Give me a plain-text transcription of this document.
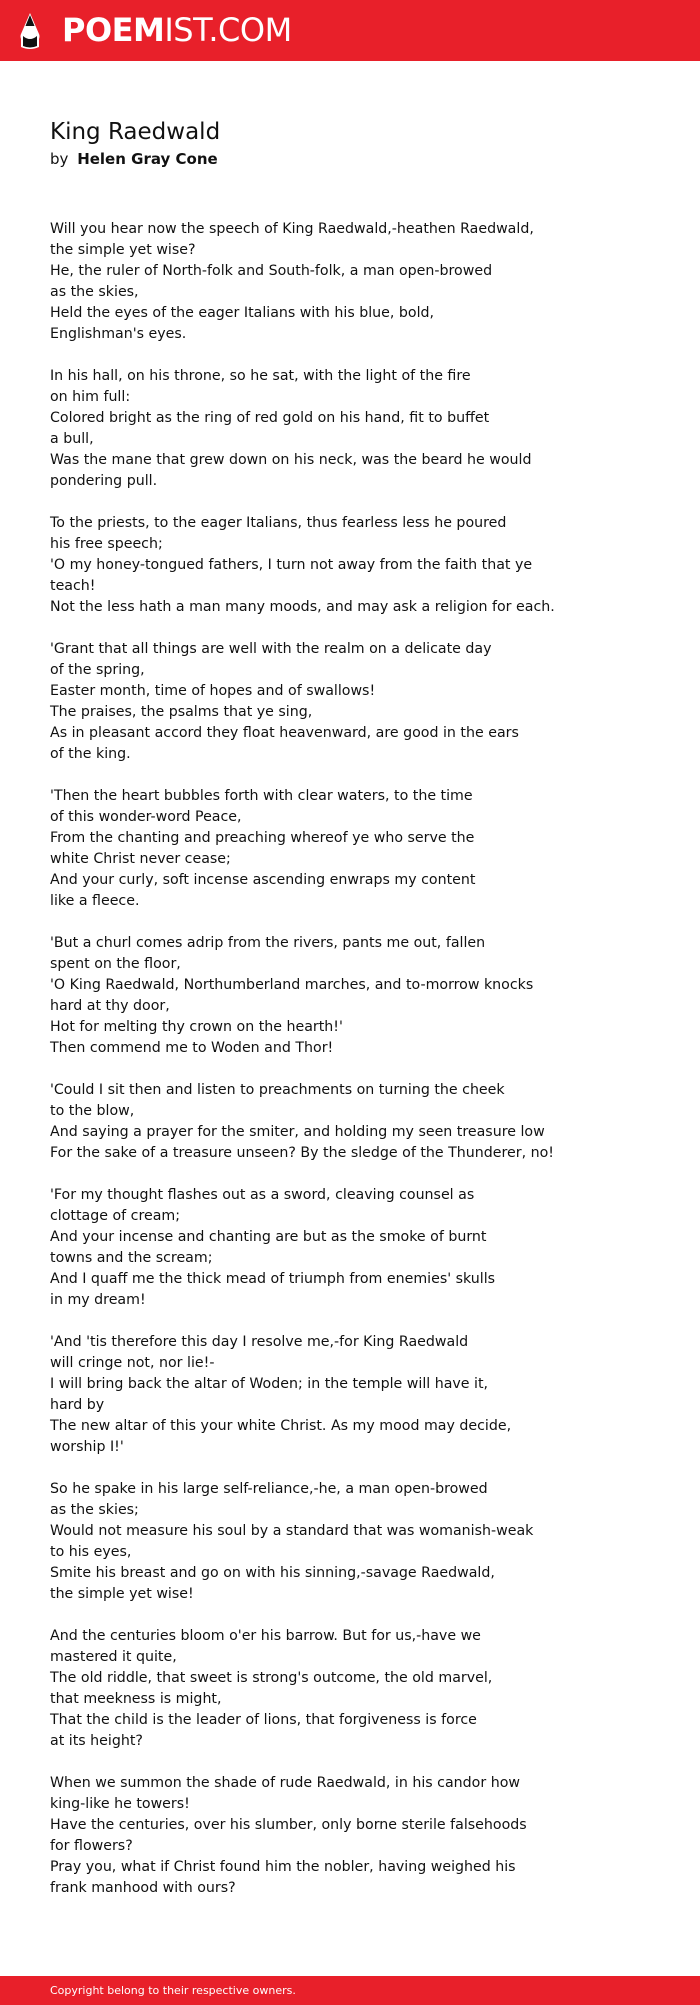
POEMIST.COM
King Raedwald
by Helen Gray Cone
Will you hear now the speech of King Raedwald,-heathen Raedwald,
the simple yet wise?
He, the ruler of North-folk and South-folk, a man open-browed
as the skies,
Held the eyes of the eager Italians with his blue, bold,
Englishman's eyes.
In his hall, on his throne, so he sat, with the light of the fire
on him full:
Colored bright as the ring of red gold on his hand, fit to buffet
a bull,
Was the mane that grew down on his neck, was the beard he would
pondering pull.
To the priests, to the eager Italians, thus fearless less he poured
his free speech;
'O my honey-tongued fathers, I turn not away from the faith that ye
teach!
Not the less hath a man many moods, and may ask a religion for each.
'Grant that all things are well with the realm on a delicate day
of the spring,
Easter month, time of hopes and of swallows!
The praises, the psalms that ye sing,
As in pleasant accord they float heavenward, are good in the ears
of the king.
'Then the heart bubbles forth with clear waters, to the time
of this wonder-word Peace,
From the chanting and preaching whereof ye who serve the
white Christ never cease;
And your curly, soft incense ascending enwraps my content
like a fleece.
'But a churl comes adrip from the rivers, pants me out, fallen
spent on the floor,
'O King Raedwald, Northumberland marches, and to-morrow knocks
hard at thy door,
Hot for melting thy crown on the hearth!'
Then commend me to Woden and Thor!
'Could I sit then and listen to preachments on turning the cheek
to the blow,
And saying a prayer for the smiter, and holding my seen treasure low
For the sake of a treasure unseen? By the sledge of the Thunderer, no!
'For my thought flashes out as a sword, cleaving counsel as
clottage of cream;
And your incense and chanting are but as the smoke of burnt
towns and the scream;
And I quaff me the thick mead of triumph from enemies' skulls
in my dream!
'And 'tis therefore this day I resolve me,-for King Raedwald
will cringe not, nor lie!-
I will bring back the altar of Woden; in the temple will have it,
hard by
The new altar of this your white Christ. As my mood may decide,
worship I!'
So he spake in his large self-reliance,-he, a man open-browed
as the skies;
Would not measure his soul by a standard that was womanish-weak
to his eyes,
Smite his breast and go on with his sinning,-savage Raedwald,
the simple yet wise!
And the centuries bloom o'er his barrow. But for us,-have we
mastered it quite,
The old riddle, that sweet is strong's outcome, the old marvel,
that meekness is might,
That the child is the leader of lions, that forgiveness is force
at its height?
When we summon the shade of rude Raedwald, in his candor how
king-like he towers!
Have the centuries, over his slumber, only borne sterile falsehoods
for flowers?
Pray you, what if Christ found him the nobler, having weighed his
frank manhood with ours?
Copyright belong to their respective owners.
